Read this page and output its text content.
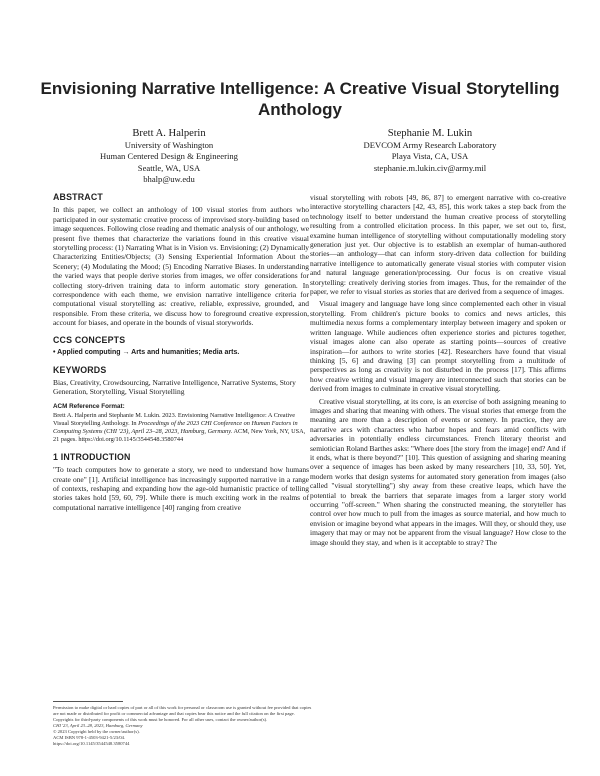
Envisioning Narrative Intelligence: A Creative Visual Storytelling Anthology
Brett A. Halperin
University of Washington
Human Centered Design & Engineering
Seattle, WA, USA
bhalp@uw.edu
Stephanie M. Lukin
DEVCOM Army Research Laboratory
Playa Vista, CA, USA
stephanie.m.lukin.civ@army.mil

ABSTRACT

In this paper, we collect an anthology of 100 visual stories from authors who participated in our systematic creative process of improvised story-building based on image sequences. Following close reading and thematic analysis of our anthology, we present five themes that characterize the variations found in this creative visual storytelling process: (1) Narrating What is in Vision vs. Envisioning; (2) Dynamically Characterizing Entities/Objects; (3) Sensing Experiential Information About the Scenery; (4) Modulating the Mood; (5) Encoding Narrative Biases. In understanding the varied ways that people derive stories from images, we offer considerations for collecting story-driven training data to inform automatic story generation. In correspondence with each theme, we envision narrative intelligence criteria for computational visual storytelling as: creative, reliable, expressive, grounded, and responsible. From these criteria, we discuss how to foreground creative expression, account for biases, and operate in the bounds of visual storyworlds.

CCS CONCEPTS

• Applied computing → Arts and humanities; Media arts.

KEYWORDS

Bias, Creativity, Crowdsourcing, Narrative Intelligence, Narrative Systems, Story Generation, Storytelling, Visual Storytelling

ACM Reference Format:

Brett A. Halperin and Stephanie M. Lukin. 2023. Envisioning Narrative Intelligence: A Creative Visual Storytelling Anthology. In Proceedings of the 2023 CHI Conference on Human Factors in Computing Systems (CHI '23), April 23–28, 2023, Hamburg, Germany. ACM, New York, NY, USA, 21 pages. https://doi.org/10.1145/3544548.3580744

1 INTRODUCTION

"To teach computers how to generate a story, we need to understand how humans create one" [1]. Artificial intelligence has increasingly supported narrative in a range of contexts, reshaping and expanding how the age-old humanistic practice of telling stories takes hold [59, 60, 79]. While there is much exciting work in the realms of computational narrative intelligence [40] ranging from creative

Permission to make digital or hard copies of part or all of this work for personal or classroom use is granted without fee provided that copies are not made or distributed for profit or commercial advantage and that copies bear this notice and the full citation on the first page. Copyrights for third-party components of this work must be honored. For all other uses, contact the owner/author(s).

CHI '23, April 23–28, 2023, Hamburg, Germany

© 2023 Copyright held by the owner/author(s).

ACM ISBN 978-1-4503-9421-5/23/04.

https://doi.org/10.1145/3544548.3580744

visual storytelling with robots [49, 86, 87] to emergent narrative with co-creative interactive storytelling characters [42, 43, 85], this work takes a step back from the technology itself to better understand the human creative process of storytelling resulting from a controlled elicitation process. In this paper, we set out to, first, examine human intelligence of storytelling without computationally modeling story generation just yet. Our objective is to establish an exemplar of human-authored stories—an anthology—that can inform story-driven data collection for building narrative intelligence to automatically generate visual stories with computer vision and natural language generation/processing. Our focus is on creative visual storytelling: creatively deriving stories from images. Thus, for the remainder of the paper, we refer to visual stories as stories that are derived from a sequence of images.

Visual imagery and language have long since complemented each other in visual storytelling. From children's picture books to comics and news articles, this multimedia nexus forms a complementary interplay between imagery and spoken or written language. While audiences often experience stories and pictures together, visual images alone can also operate as starting points—sources of creative inspiration—for authors to write stories [42]. Researchers have found that visual thinking [5, 6] and drawing [3] can prompt storytelling from a multitude of perspectives as long as creativity is not disturbed in the process [17]. This affirms how creative writing and visual imagery are interconnected such that stories can be derived from images to culminate in creative visual storytelling.

Creative visual storytelling, at its core, is an exercise of both assigning meaning to images and sharing that meaning with others. The visual stories that emerge from the meaning are more than a description of events or scenery. In practice, they are narrative arcs with characters who harbor hopes and fears amid conflicts with adversaries in potentially endless circumstances. French literary theorist and semiotician Roland Barthes asks: "Where does [the story from the image] end? And if it ends, what is there beyond?" [10]. This question of assigning and sharing meaning over a sequence of images has been asked by many researchers [10, 33, 50]. Yet, modern works that design systems for automated story generation from images (also called "visual storytelling") shy away from these creative leaps, which have the potential to break the barriers that separate images from a larger story world occurring "off-screen." When sharing the constructed meaning, the storyteller has control over how much to pull from the images as source material, and how much to envision or imagine beyond what appears in the images. Will they, or should they, use imagery that may or may not be apparent from the visual language? How close to the image should they stay, and when is it acceptable to stray? The
